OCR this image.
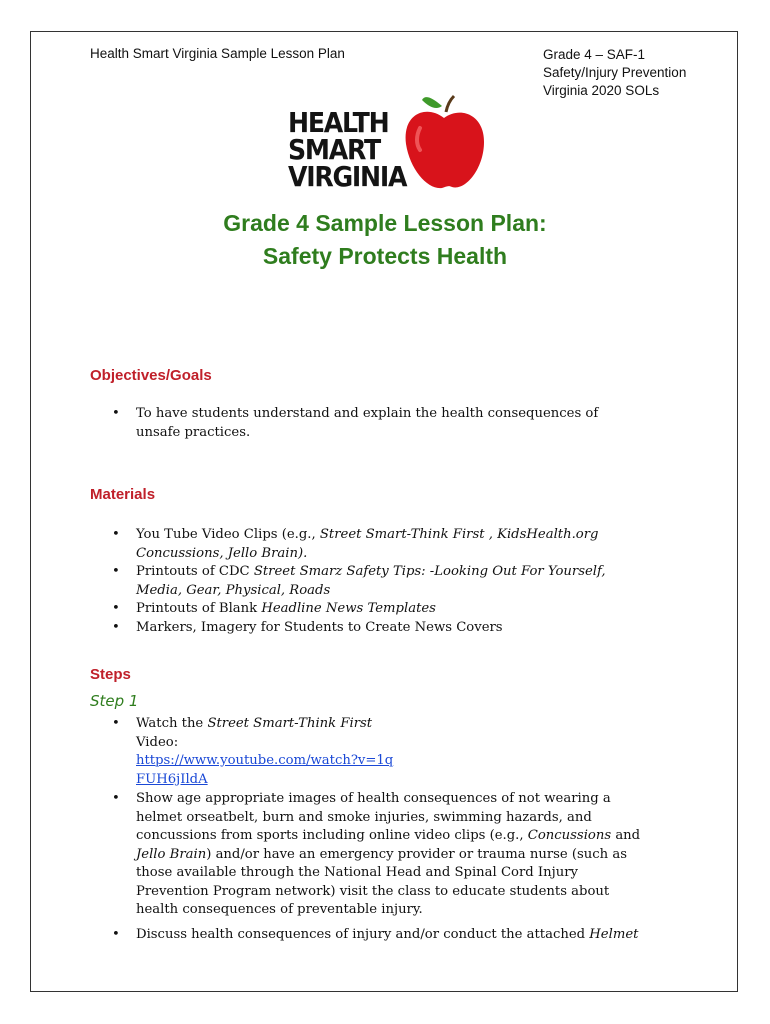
Health Smart Virginia Sample Lesson Plan	Grade 4 – SAF-1
Safety/Injury Prevention
Virginia 2020 SOLs
HEALTH
SMART
VIRGINIA
Grade 4 Sample Lesson Plan:
Safety Protects Health
Objectives/Goals
• To have students understand and explain the health consequences of unsafe practices.
Materials
• You Tube Video Clips (e.g., Street Smart-Think First , KidsHealth.org Concussions, Jello Brain).
• Printouts of CDC Street Smarz Safety Tips: -Looking Out For Yourself, Media, Gear, Physical, Roads
• Printouts of Blank Headline News Templates
• Markers, Imagery for Students to Create News Covers
Steps
Step 1
• Watch the Street Smart-Think First
Video:
https://www.youtube.com/watch?v=1q
FUH6jIldA
• Show age appropriate images of health consequences of not wearing a helmet orseatbelt, burn and smoke injuries, swimming hazards, and concussions from sports including online video clips (e.g., Concussions and Jello Brain) and/or have an emergency provider or trauma nurse (such as those available through the National Head and Spinal Cord Injury Prevention Program network) visit the class to educate students about health consequences of preventable injury.
• Discuss health consequences of injury and/or conduct the attached Helmet
